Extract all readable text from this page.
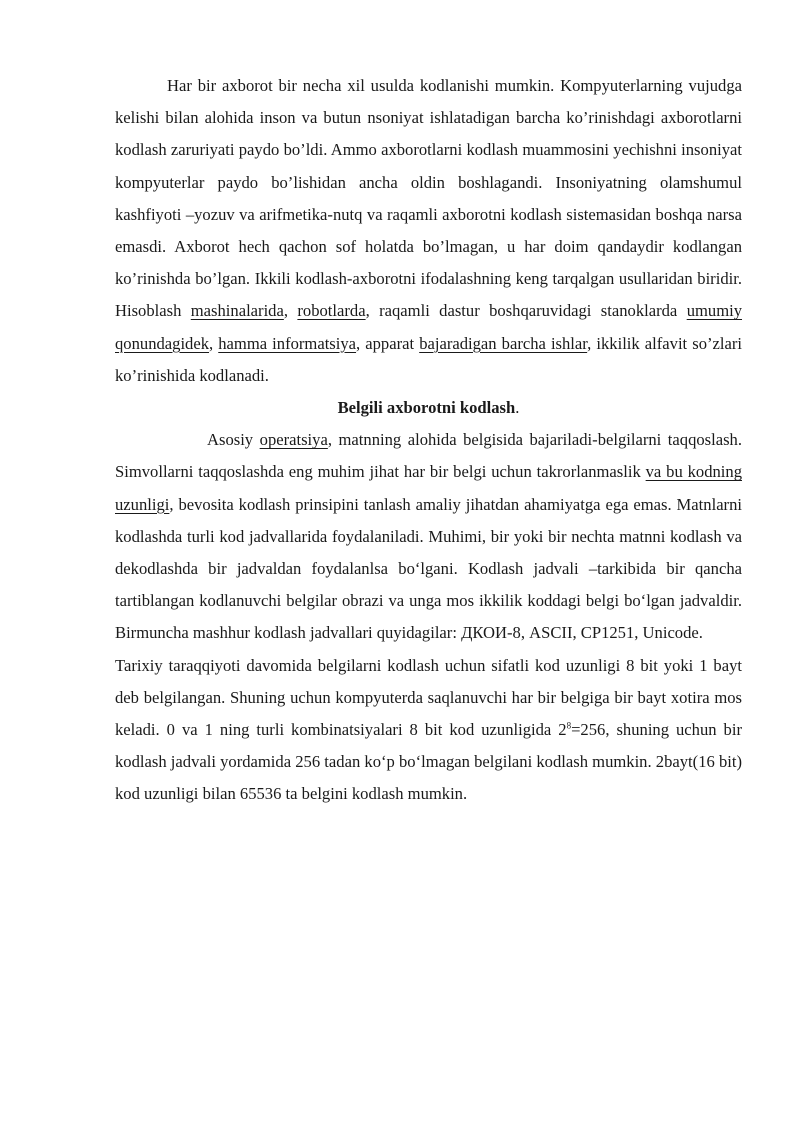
Har bir axborot bir necha xil usulda kodlanishi mumkin. Kompyuterlarning vujudga kelishi bilan alohida inson va butun nsoniyat ishlatadigan barcha ko’rinishdagi axborotlarni kodlash zaruriyati paydo bo’ldi. Ammo axborotlarni kodlash muammosini yechishni insoniyat kompyuterlar paydo bo’lishidan ancha oldin boshlagandi. Insoniyatning olamshumul kashfiyoti –yozuv va arifmetika-nutq va raqamli axborotni kodlash sistemasidan boshqa narsa emasdi. Axborot hech qachon sof holatda bo’lmagan, u har doim qandaydir kodlangan ko’rinishda bo’lgan. Ikkili kodlash-axborotni ifodalashning keng tarqalgan usullaridan biridir. Hisoblash mashinalarida, robotlarda, raqamli dastur boshqaruvidagi stanoklarda umumiy qonundagidek, hamma informatsiya, apparat bajaradigan barcha ishlar, ikkilik alfavit so’zlari ko’rinishida kodlanadi.

Belgili axborotni kodlash.

Asosiy operatsiya, matnning alohida belgisida bajariladi-belgilarni taqqoslash. Simvollarni taqqoslashda eng muhim jihat har bir belgi uchun takrorlanmaslik va bu kodning uzunligi, bevosita kodlash prinsipini tanlash amaliy jihatdan ahamiyatga ega emas. Matnlarni kodlashda turli kod jadvallarida foydalaniladi. Muhimi, bir yoki bir nechta matnni kodlash va dekodlashda bir jadvaldan foydalanlsa bo‘lgani. Kodlash jadvali –tarkibida bir qancha tartiblangan kodlanuvchi belgilar obrazi va unga mos ikkilik koddagi belgi bo‘lgan jadvaldir. Birmuncha mashhur kodlash jadvallari quyidagilar: ДКОИ-8, ASCII, CP1251, Unicode.

Tarixiy taraqqiyoti davomida belgilarni kodlash uchun sifatli kod uzunligi 8 bit yoki 1 bayt deb belgilangan. Shuning uchun kompyuterda saqlanuvchi har bir belgiga bir bayt xotira mos keladi. 0 va 1 ning turli kombinatsiyalari 8 bit kod uzunligida $2^8=256$, shuning uchun bir kodlash jadvali yordamida 256 tadan ko‘p bo‘lmagan belgilani kodlash mumkin. 2bayt(16 bit) kod uzunligi bilan 65536 ta belgini kodlash mumkin.
